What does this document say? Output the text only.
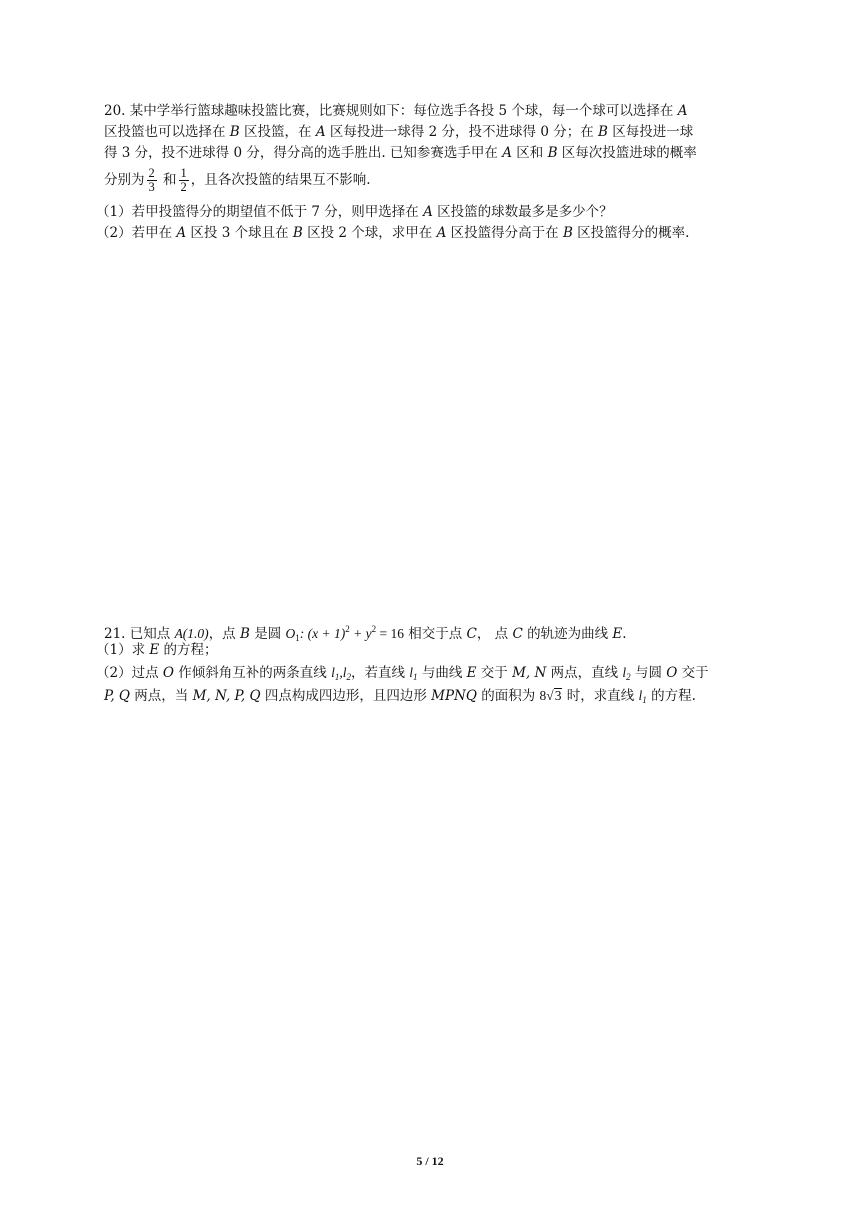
20. 某中学举行篮球趣味投篮比赛，比赛规则如下：每位选手各投 5 个球，每一个球可以选择在 A
区投篮也可以选择在 B 区投篮，在 A 区每投进一球得 2 分，投不进球得 0 分；在 B 区每投进一球
得 3 分，投不进球得 0 分，得分高的选手胜出. 已知参赛选手甲在 A 区和 B 区每次投篮进球的概率
分别为 $\frac{2}{3}$ 和 $\frac{1}{2}$ ，且各次投篮的结果互不影响.
（1）若甲投篮得分的期望值不低于 7 分，则甲选择在 A 区投篮的球数最多是多少个？
（2）若甲在 A 区投 3 个球且在 B 区投 2 个球，求甲在 A 区投篮得分高于在 B 区投篮得分的概率.
21. 已知点 A(1.0)，点 B 是圆 $O_1$: $(x + 1)^2 + y^2 = 16$ 相交于点 C， 点 C 的轨迹为曲线 E.
（1）求 E 的方程；
（2）过点 O 作倾斜角互补的两条直线 $l_1,l_2$，若直线 $l_1$ 与曲线 E 交于 M, N 两点，直线 $l_2$ 与圆 O 交于
P, Q 两点，当 M, N, P, Q 四点构成四边形，且四边形 MPNQ 的面积为 8√3 时，求直线 $l_1$ 的方程.
5 / 12
